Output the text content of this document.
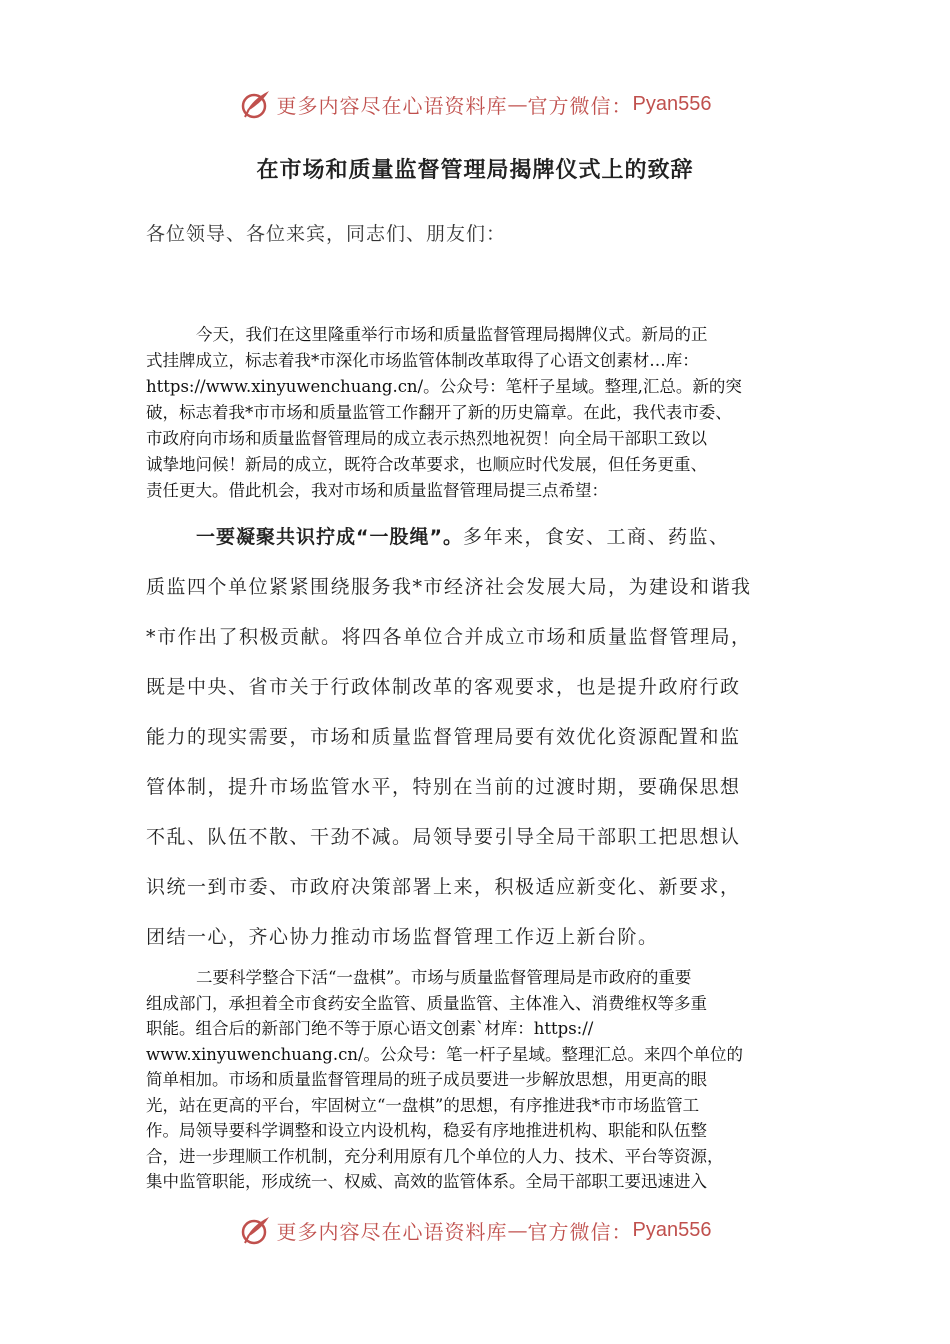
更多内容尽在心语资料库 — 官方微信： Pyan556
在市场和质量监督管理局揭牌仪式上的致辞
各位领导、各位来宾，同志们、朋友们：
今天，我们在这里隆重举行市场和质量监督管理局揭牌仪式。新局的正
式挂牌成立，标志着我*市深化市场监管体制改革取得了心语文创素材…库：
https://www.xinyuwenchuang.cn/。公众号：笔杆子星域。整理,汇总。新的突
破，标志着我*市市场和质量监管工作翻开了新的历史篇章。在此，我代表市委、
市政府向市场和质量监督管理局的成立表示热烈地祝贺！向全局干部职工致以
诚挚地问候！新局的成立，既符合改革要求，也顺应时代发展，但任务更重、
责任更大。借此机会，我对市场和质量监督管理局提三点希望：
一要凝聚共识拧成“一股绳”。多年来，食安、工商、药监、
质监四个单位紧紧围绕服务我*市经济社会发展大局，为建设和谐我
*市作出了积极贡献。将四各单位合并成立市场和质量监督管理局，
既是中央、省市关于行政体制改革的客观要求，也是提升政府行政
能力的现实需要，市场和质量监督管理局要有效优化资源配置和监
管体制，提升市场监管水平，特别在当前的过渡时期，要确保思想
不乱、队伍不散、干劲不减。局领导要引导全局干部职工把思想认
识统一到市委、市政府决策部署上来，积极适应新变化、新要求，
团结一心，齐心协力推动市场监督管理工作迈上新台阶。
二要科学整合下活“一盘棋”。市场与质量监督管理局是市政府的重要
组成部门，承担着全市食药安全监管、质量监管、主体准入、消费维权等多重
职能。组合后的新部门绝不等于原心语文创素`材库：https://
www.xinyuwenchuang.cn/。公众号：笔一杆子星域。整理汇总。来四个单位的
简单相加。市场和质量监督管理局的班子成员要进一步解放思想，用更高的眼
光，站在更高的平台，牢固树立“一盘棋”的思想，有序推进我*市市场监管工
作。局领导要科学调整和设立内设机构，稳妥有序地推进机构、职能和队伍整
合，进一步理顺工作机制，充分利用原有几个单位的人力、技术、平台等资源，
集中监管职能，形成统一、权威、高效的监管体系。全局干部职工要迅速进入
更多内容尽在心语资料库 — 官方微信： Pyan556
